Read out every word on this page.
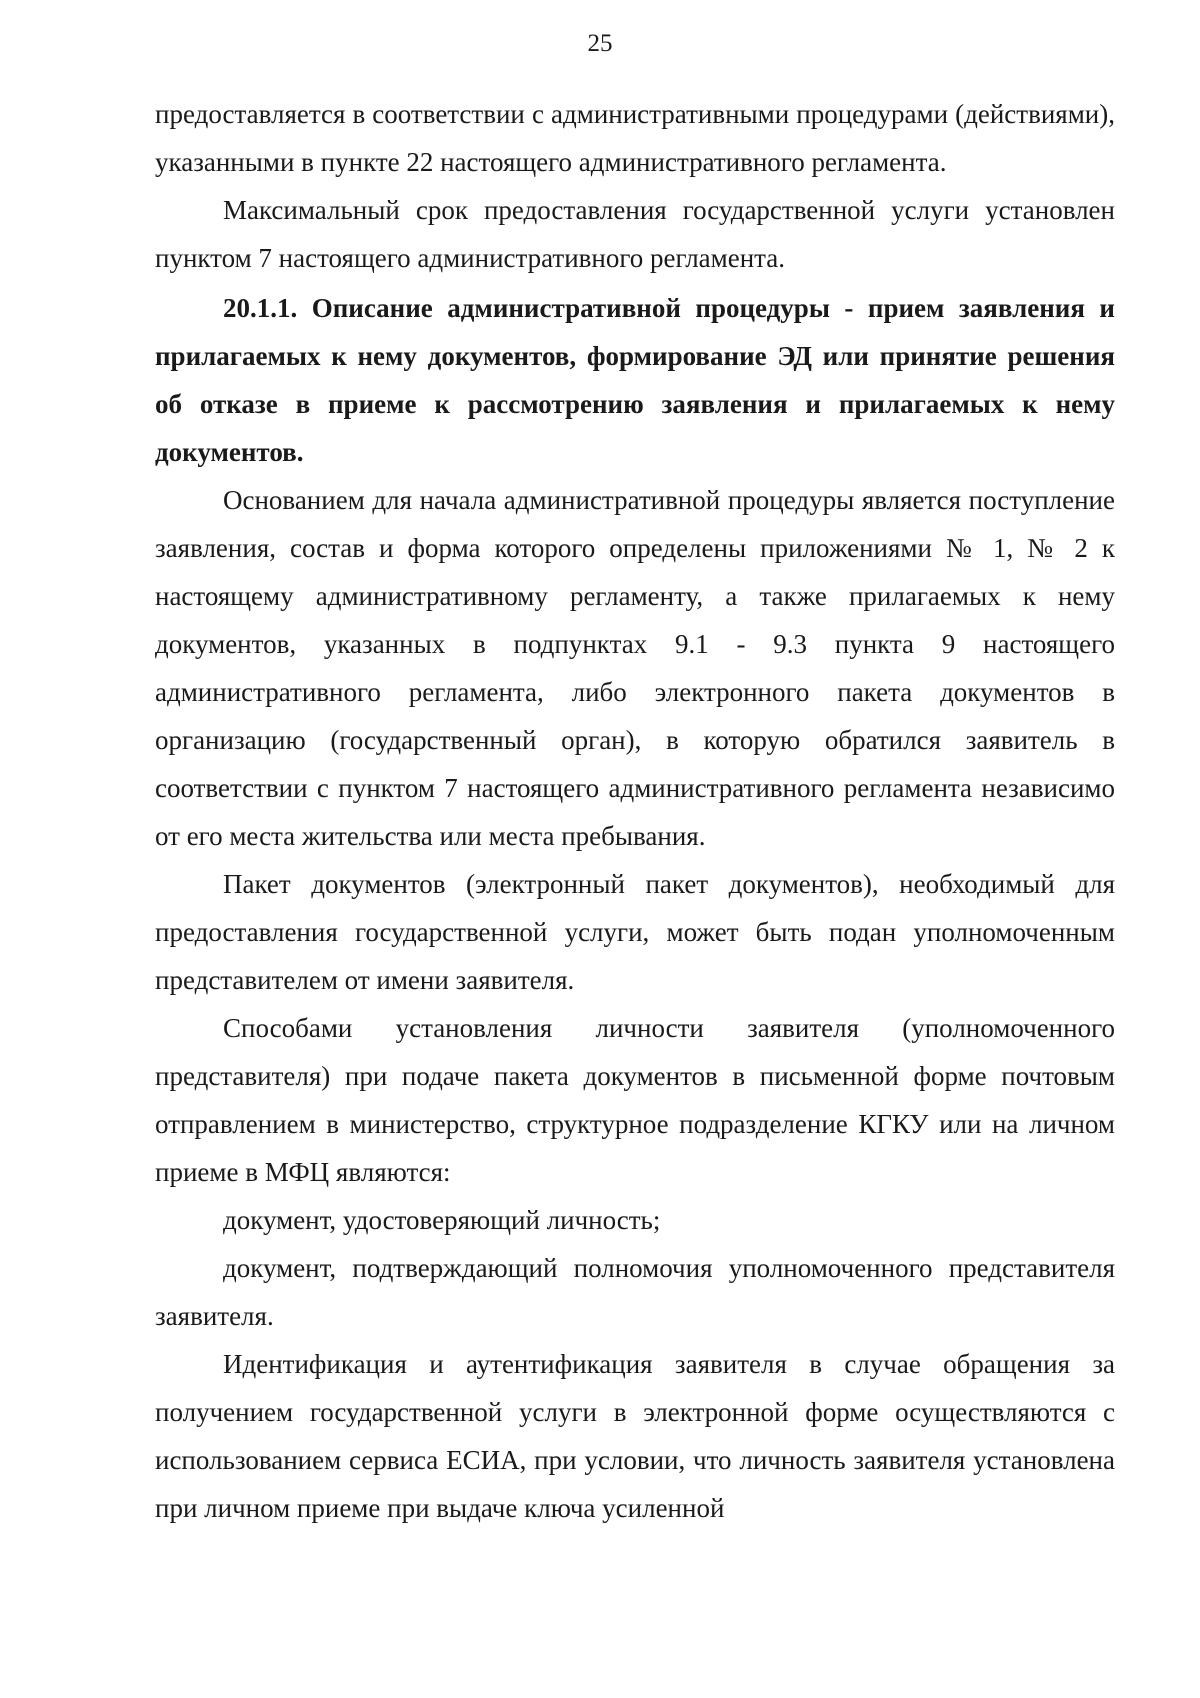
25

предоставляется в соответствии с административными процедурами (действиями), указанными в пункте 22 настоящего административного регламента.

Максимальный срок предоставления государственной услуги установлен пунктом 7 настоящего административного регламента.

20.1.1. Описание административной процедуры - прием заявления и прилагаемых к нему документов, формирование ЭД или принятие решения об отказе в приеме к рассмотрению заявления и прилагаемых к нему документов.

Основанием для начала административной процедуры является поступление заявления, состав и форма которого определены приложениями № 1, № 2 к настоящему административному регламенту, а также прилагаемых к нему документов, указанных в подпунктах 9.1 - 9.3 пункта 9 настоящего административного регламента, либо электронного пакета документов в организацию (государственный орган), в которую обратился заявитель в соответствии с пунктом 7 настоящего административного регламента независимо от его места жительства или места пребывания.

Пакет документов (электронный пакет документов), необходимый для предоставления государственной услуги, может быть подан уполномоченным представителем от имени заявителя.

Способами установления личности заявителя (уполномоченного представителя) при подаче пакета документов в письменной форме почтовым отправлением в министерство, структурное подразделение КГКУ или на личном приеме в МФЦ являются:

документ, удостоверяющий личность;

документ, подтверждающий полномочия уполномоченного представителя заявителя.

Идентификация и аутентификация заявителя в случае обращения за получением государственной услуги в электронной форме осуществляются с использованием сервиса ЕСИА, при условии, что личность заявителя установлена при личном приеме при выдаче ключа усиленной
